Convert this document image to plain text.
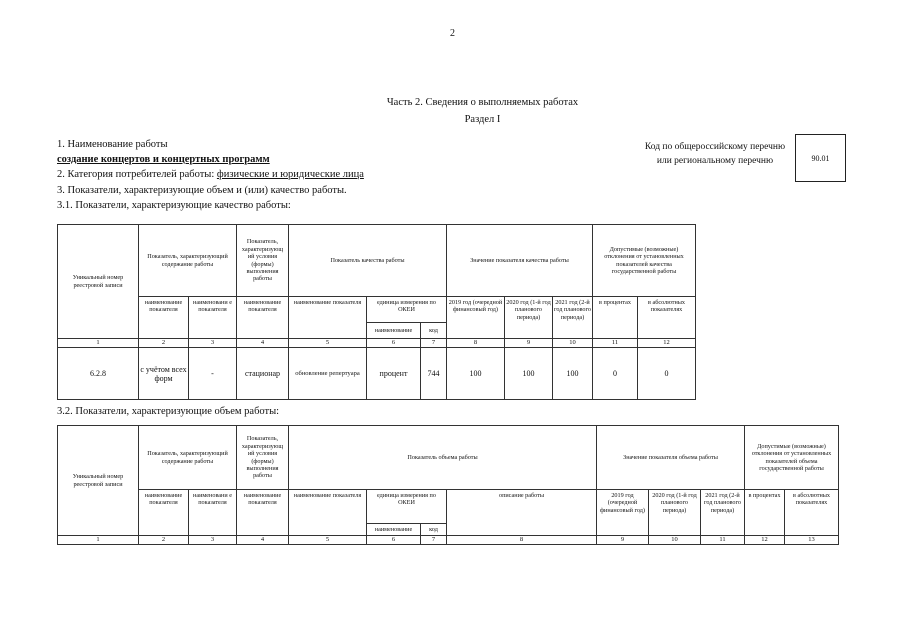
2
Часть 2. Сведения о выполняемых работах
Раздел I
1. Наименование работы
создание концертов и концертных программ
2. Категория потребителей работы: физические и юридические лица
3. Показатели, характеризующие объем и (или) качество работы.
3.1. Показатели, характеризующие качество работы:
Код по общероссийскому перечню или региональному перечню	90.01
Уникальный номер реестровой записи	Показатель, характеризующий содержание работы		Показатель, характеризующ ий условия (формы) выполнения работы	Показатель качества работы			Значение показателя качества работы			Допустимые (возможные) отклонения от установленных показателей качества государственной работы	
	наименование показателя	наименовани е показателя	наименование показателя	наименование показателя	единица измерения по ОКЕИ		2019 год (очередной финансовый год)	2020 год (1-й год планового периода)	2021 год (2-й год планового периода)	в процентах	в абсолютных показателях
					наименование	код					
1	2	3	4	5	6	7	8	9	10	11	12
6.2.8	с учётом всех форм	-	стационар	обновление репертуара	процент	744	100	100	100	0	0
3.2. Показатели, характеризующие объем работы:
Уникальный номер реестровой записи	Показатель, характеризующий содержание работы		Показатель, характеризующ ий условия (формы) выполнения работы	Показатель объема работы				Значение показателя объема работы			Допустимые (возможные) отклонения от установленных показателей объема государственной работы	
	наименование показателя	наименовани е показателя	наименование показателя	наименование показателя	единица измерения по ОКЕИ		описание работы	2019 год (очередной финансовый год)	2020 год (1-й год планового периода)	2021 год (2-й год планового периода)	в процентах	в абсолютных показателях
					наименование	код						
1	2	3	4	5	6	7	8	9	10	11	12	13
